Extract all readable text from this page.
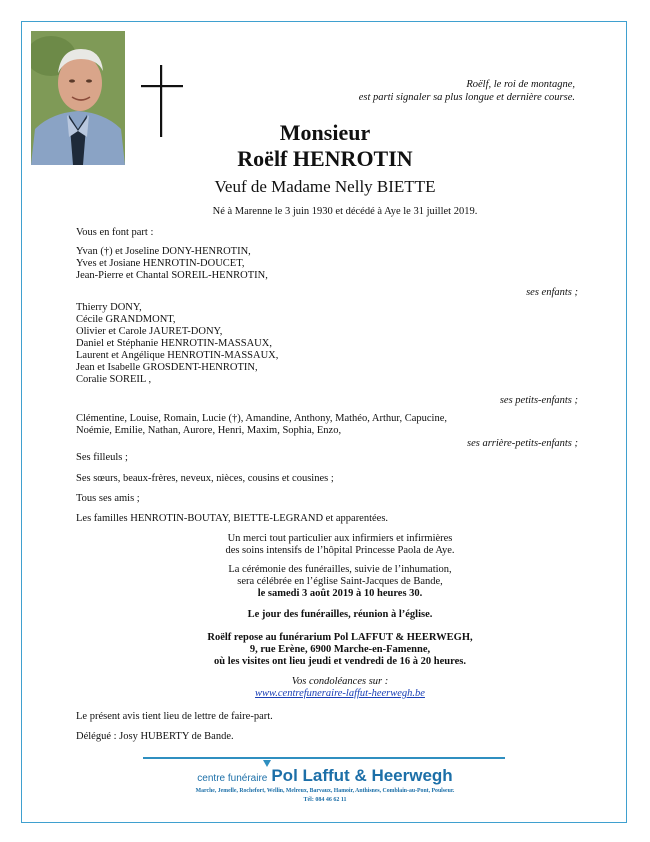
Roëlf, le roi de montagne,
est parti signaler sa plus longue et dernière course.
Monsieur
Roëlf HENROTIN
Veuf de Madame Nelly BIETTE
Né à Marenne le 3 juin 1930 et décédé à Aye le 31 juillet 2019.
Vous en font part :
Yvan (†) et Joseline DONY-HENROTIN,
Yves et Josiane HENROTIN-DOUCET,
Jean-Pierre et Chantal SOREIL-HENROTIN,
ses enfants ;
Thierry DONY,
Cécile GRANDMONT,
Olivier et Carole JAURET-DONY,
Daniel et Stéphanie HENROTIN-MASSAUX,
Laurent et Angélique HENROTIN-MASSAUX,
Jean et Isabelle GROSDENT-HENROTIN,
Coralie SOREIL ,
ses petits-enfants ;
Clémentine, Louise, Romain, Lucie (†), Amandine, Anthony, Mathéo, Arthur, Capucine,
Noémie, Emilie, Nathan, Aurore, Henri, Maxim, Sophia, Enzo,
ses arrière-petits-enfants ;
Ses filleuls ;
Ses sœurs, beaux-frères, neveux, nièces, cousins et cousines ;
Tous ses amis ;
Les familles HENROTIN-BOUTAY, BIETTE-LEGRAND et apparentées.
Un merci tout particulier aux infirmiers et infirmières
des soins intensifs de l’hôpital Princesse Paola de Aye.
La cérémonie des funérailles, suivie de l’inhumation,
sera célébrée en l’église Saint-Jacques de Bande,
le samedi 3 août 2019 à 10 heures 30.
Le jour des funérailles, réunion à l’église.
Roëlf repose au funérarium Pol LAFFUT & HEERWEGH,
9, rue Erène, 6900 Marche-en-Famenne,
où les visites ont lieu jeudi et vendredi de 16 à 20 heures.
Vos condoléances sur :
www.centrefuneraire-laffut-heerwegh.be
Le présent avis tient lieu de lettre de faire-part.
Délégué : Josy HUBERTY de Bande.
centre funéraire Pol Laffut & Heerwegh
Marche, Jemelle, Rochefort, Wellin, Melreux, Barvaux, Hamoir, Anthisnes, Comblain-au-Pont, Poulseur.
Tél: 084 46 62 11
